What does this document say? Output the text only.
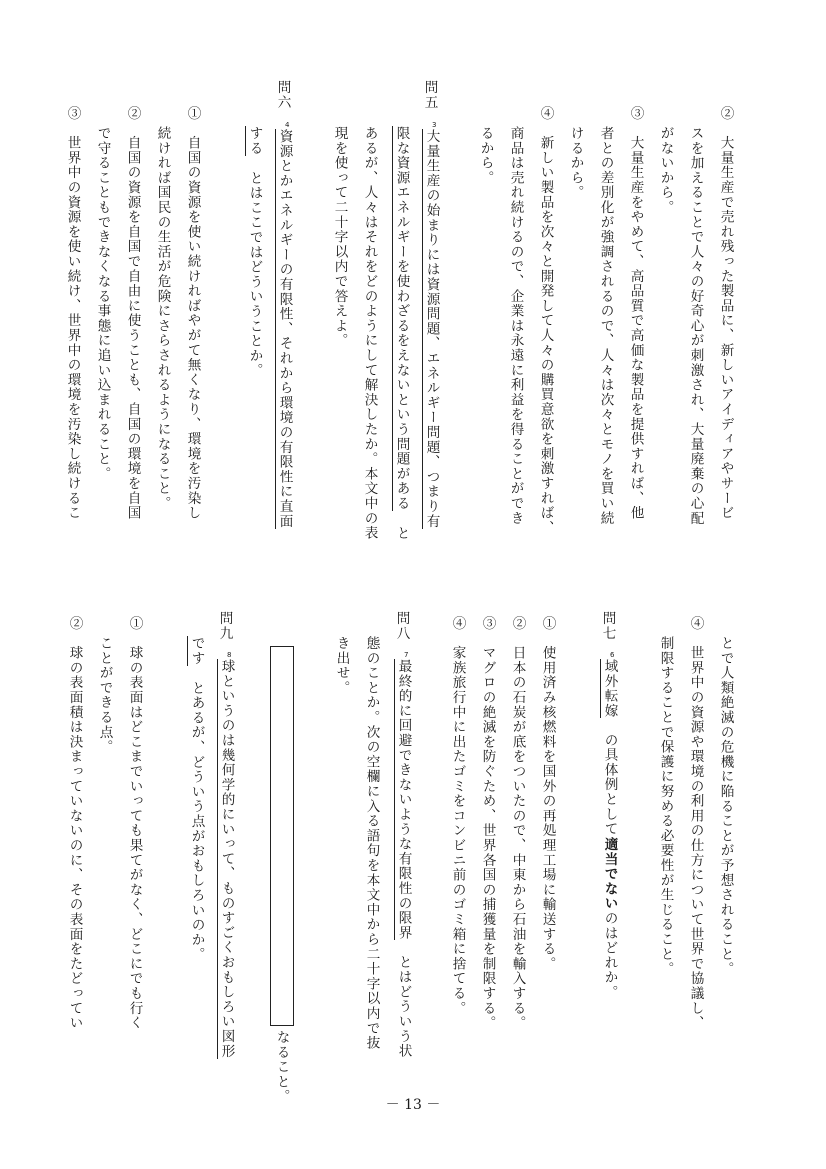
②　大量生産で売れ残った製品に、新しいアイディアやサービ
スを加えることで人々の好奇心が刺激され、大量廃棄の心配
がないから。
③　大量生産をやめて、高品質で高価な製品を提供すれば、他
者との差別化が強調されるので、人々は次々とモノを買い続
けるから。
④　新しい製品を次々と開発して人々の購買意欲を刺激すれば、
商品は売れ続けるので、企業は永遠に利益を得ることができ
るから。
問五
3大量生産の始まりには資源問題、エネルギー問題、つまり有
限な資源エネルギーを使わざるをえないという問題がある　と
あるが、人々はそれをどのようにして解決したか。本文中の表
現を使って二十字以内で答えよ。
問六
4資源とかエネルギーの有限性、それから環境の有限性に直面
する　とはここではどういうことか。
①　自国の資源を使い続ければやがて無くなり、環境を汚染し
続ければ国民の生活が危険にさらされるようになること。
②　自国の資源を自国で自由に使うことも、自国の環境を自国
で守ることもできなくなる事態に追い込まれること。
③　世界中の資源を使い続け、世界中の環境を汚染し続けるこ
とで人類絶滅の危機に陥ることが予想されること。
④　世界中の資源や環境の利用の仕方について世界で協議し、
制限することで保護に努める必要性が生じること。
問七
6域外転嫁　の具体例として適当でないのはどれか。
①　使用済み核燃料を国外の再処理工場に輸送する。
②　日本の石炭が底をついたので、中東から石油を輸入する。
③　マグロの絶滅を防ぐため、世界各国の捕獲量を制限する。
④　家族旅行中に出たゴミをコンビニ前のゴミ箱に捨てる。
問八
7最終的に回避できないような有限性の限界　とはどういう状
態のことか。次の空欄に入る語句を本文中から二十字以内で抜
き出せ。
なること。
問九
8球というのは幾何学的にいって、ものすごくおもしろい図形
です　とあるが、どういう点がおもしろいのか。
①　球の表面はどこまでいっても果てがなく、どこにでも行く
ことができる点。
②　球の表面積は決まっていないのに、その表面をたどってい
－ 13 －
